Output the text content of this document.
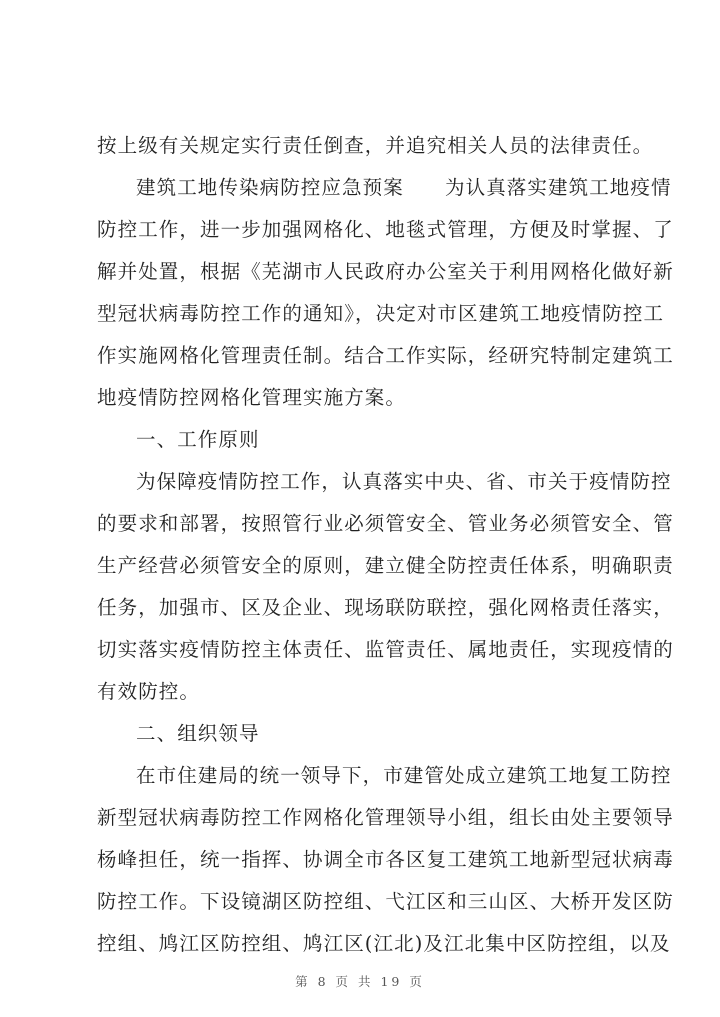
按上级有关规定实行责任倒查，并追究相关人员的法律责任。
建筑工地传染病防控应急预案　　为认真落实建筑工地疫情
防控工作，进一步加强网格化、地毯式管理，方便及时掌握、了
解并处置，根据《芜湖市人民政府办公室关于利用网格化做好新
型冠状病毒防控工作的通知》，决定对市区建筑工地疫情防控工
作实施网格化管理责任制。结合工作实际，经研究特制定建筑工
地疫情防控网格化管理实施方案。
一、工作原则
为保障疫情防控工作，认真落实中央、省、市关于疫情防控
的要求和部署，按照管行业必须管安全、管业务必须管安全、管
生产经营必须管安全的原则，建立健全防控责任体系，明确职责
任务，加强市、区及企业、现场联防联控，强化网格责任落实，
切实落实疫情防控主体责任、监管责任、属地责任，实现疫情的
有效防控。
二、组织领导
在市住建局的统一领导下，市建管处成立建筑工地复工防控
新型冠状病毒防控工作网格化管理领导小组，组长由处主要领导
杨峰担任，统一指挥、协调全市各区复工建筑工地新型冠状病毒
防控工作。下设镜湖区防控组、弋江区和三山区、大桥开发区防
控组、鸠江区防控组、鸠江区(江北)及江北集中区防控组，以及
第 8 页 共 19 页
